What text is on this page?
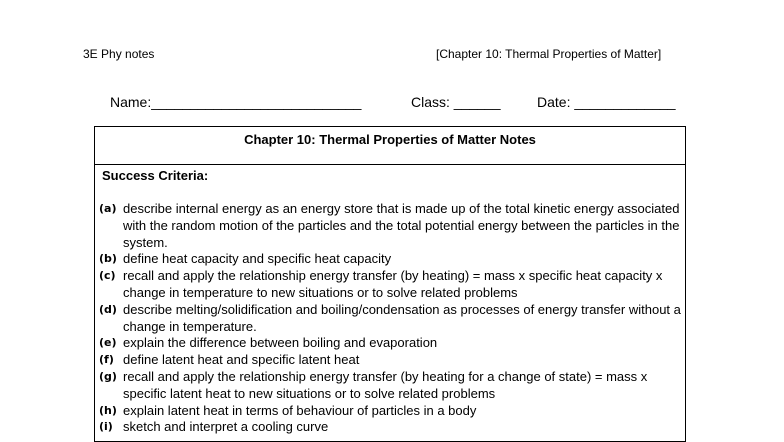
3E Phy notes	[Chapter 10: Thermal Properties of Matter]
Name:___________________________	Class: ______	Date: _____________
Chapter 10: Thermal Properties of Matter Notes
Success Criteria:
(a) describe internal energy as an energy store that is made up of the total kinetic energy associated with the random motion of the particles and the total potential energy between the particles in the system.
(b) define heat capacity and specific heat capacity
(c) recall and apply the relationship energy transfer (by heating) = mass x specific heat capacity x change in temperature to new situations or to solve related problems
(d) describe melting/solidification and boiling/condensation as processes of energy transfer without a change in temperature.
(e) explain the difference between boiling and evaporation
(f) define latent heat and specific latent heat
(g) recall and apply the relationship energy transfer (by heating for a change of state) = mass x specific latent heat to new situations or to solve related problems
(h) explain latent heat in terms of behaviour of particles in a body
(i) sketch and interpret a cooling curve
